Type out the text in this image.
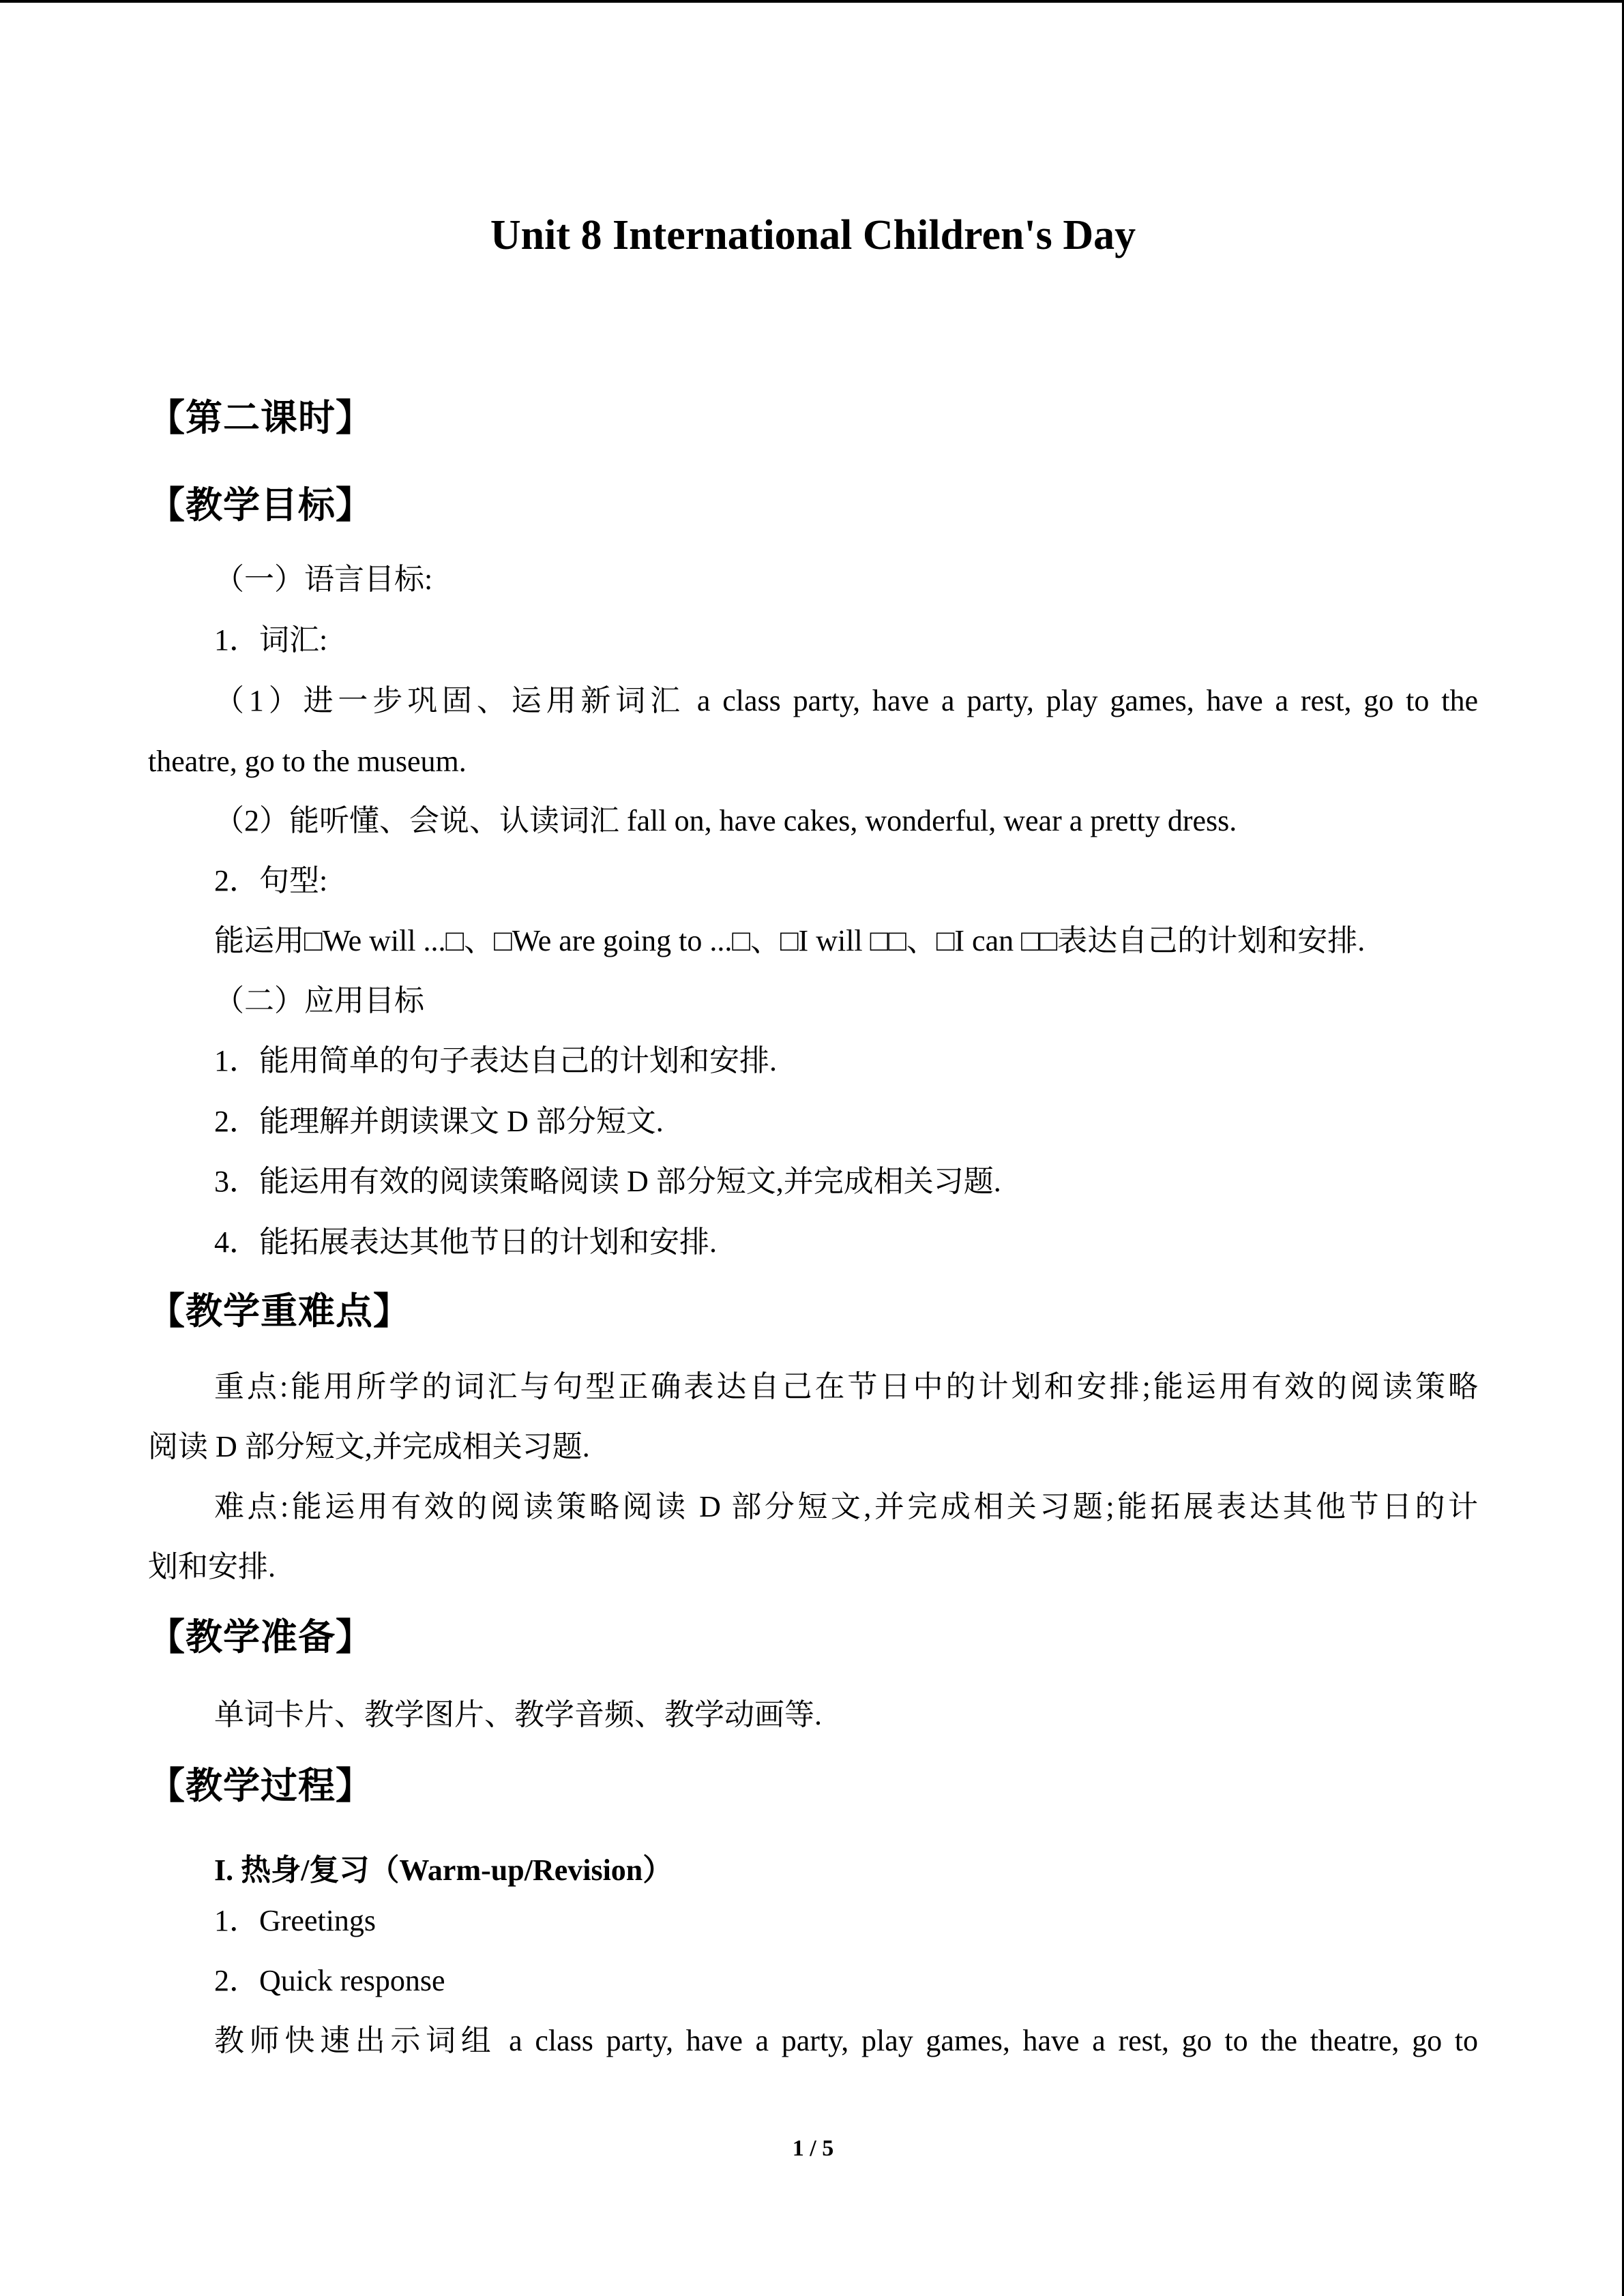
Unit 8 International Children's Day
【第二课时】
【教学目标】
（一）语言目标:
1．词汇:
（1）进一步巩固、运用新词汇 a class party, have a party, play games, have a rest, go to the
theatre, go to the museum.
（2）能听懂、会说、认读词汇 fall on, have cakes, wonderful, wear a pretty dress.
2．句型:
能运用□We will ...□、□We are going to ...□、□I will □□、□I can □□表达自己的计划和安排.
（二）应用目标
1．能用简单的句子表达自己的计划和安排.
2．能理解并朗读课文 D 部分短文.
3．能运用有效的阅读策略阅读 D 部分短文,并完成相关习题.
4．能拓展表达其他节日的计划和安排.
【教学重难点】
重点:能用所学的词汇与句型正确表达自己在节日中的计划和安排;能运用有效的阅读策略
阅读 D 部分短文,并完成相关习题.
难点:能运用有效的阅读策略阅读 D 部分短文,并完成相关习题;能拓展表达其他节日的计
划和安排.
【教学准备】
单词卡片、教学图片、教学音频、教学动画等.
【教学过程】
I. 热身/复习（Warm-up/Revision）
1．Greetings
2．Quick response
教师快速出示词组 a class party, have a party, play games, have a rest, go to the theatre, go to
1 / 5
